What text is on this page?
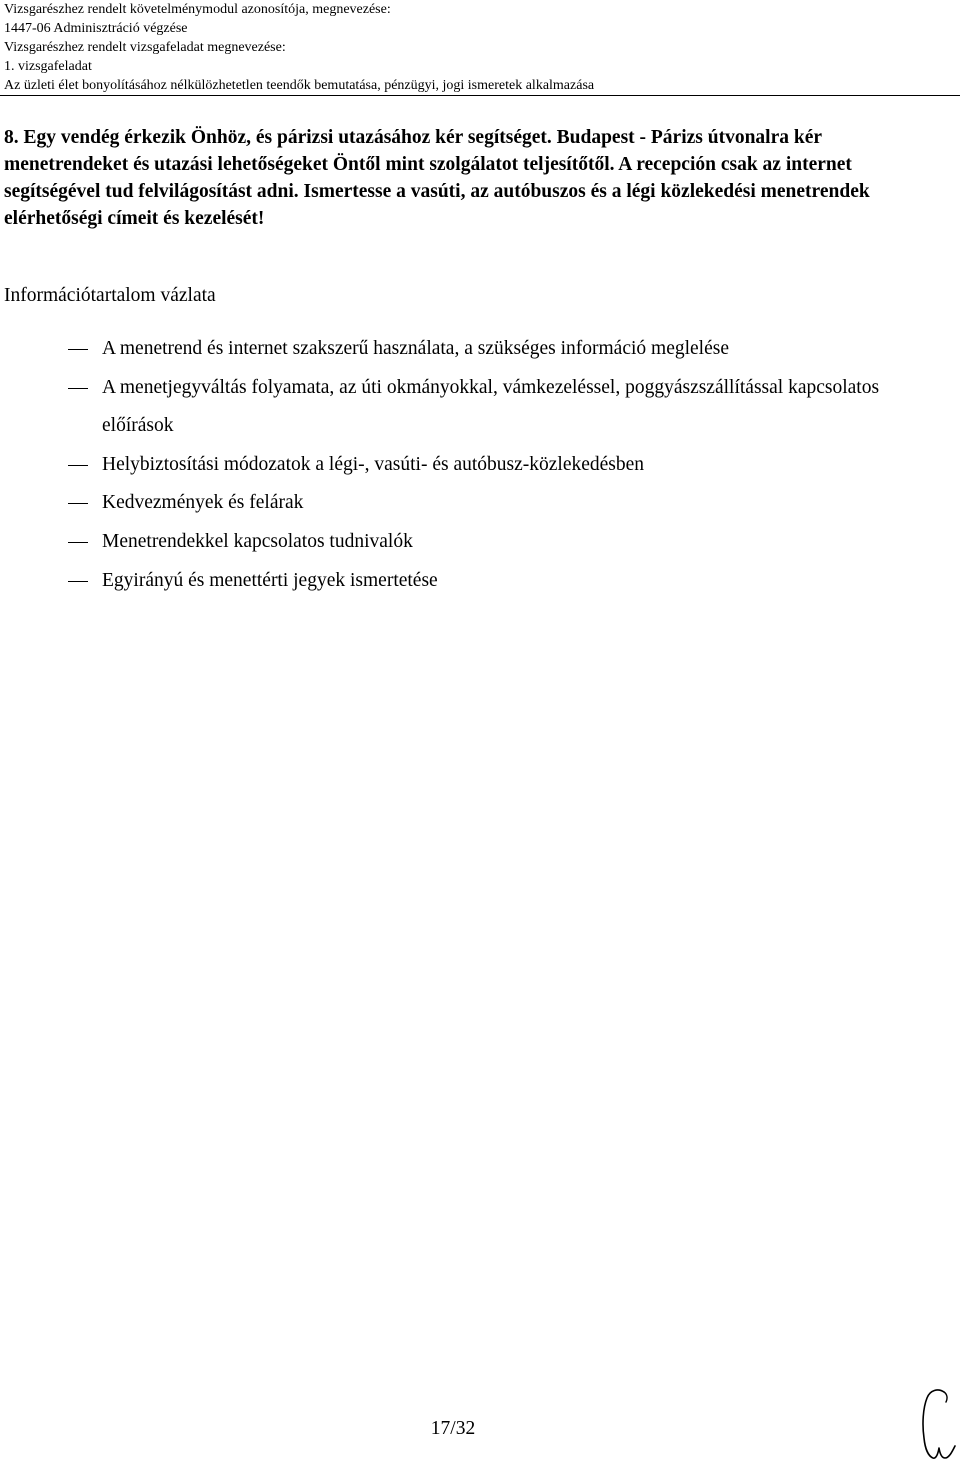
Vizsgarészhez rendelt követelménymodul azonosítója, megnevezése:
1447-06 Adminisztráció végzése
Vizsgarészhez rendelt vizsgafeladat megnevezése:
1. vizsgafeladat
Az üzleti élet bonyolításához nélkülözhetetlen teendők bemutatása, pénzügyi, jogi ismeretek alkalmazása
8. Egy vendég érkezik Önhöz, és párizsi utazásához kér segítséget. Budapest - Párizs útvonalra kér menetrendeket és utazási lehetőségeket Öntől mint szolgálatot teljesítőtől. A recepción csak az internet segítségével tud felvilágosítást adni. Ismertesse a vasúti, az autóbuszos és a légi közlekedési menetrendek elérhetőségi címeit és kezelését!
Információtartalom vázlata
A menetrend és internet szakszerű használata, a szükséges információ meglelése
A menetjegyváltás folyamata, az úti okmányokkal, vámkezeléssel, poggyászszállítással kapcsolatos előírások
Helybiztosítási módozatok a légi-, vasúti- és autóbusz-közlekedésben
Kedvezmények és felárak
Menetrendekkel kapcsolatos tudnivalók
Egyirányú és menettérti jegyek ismertetése
17/32
